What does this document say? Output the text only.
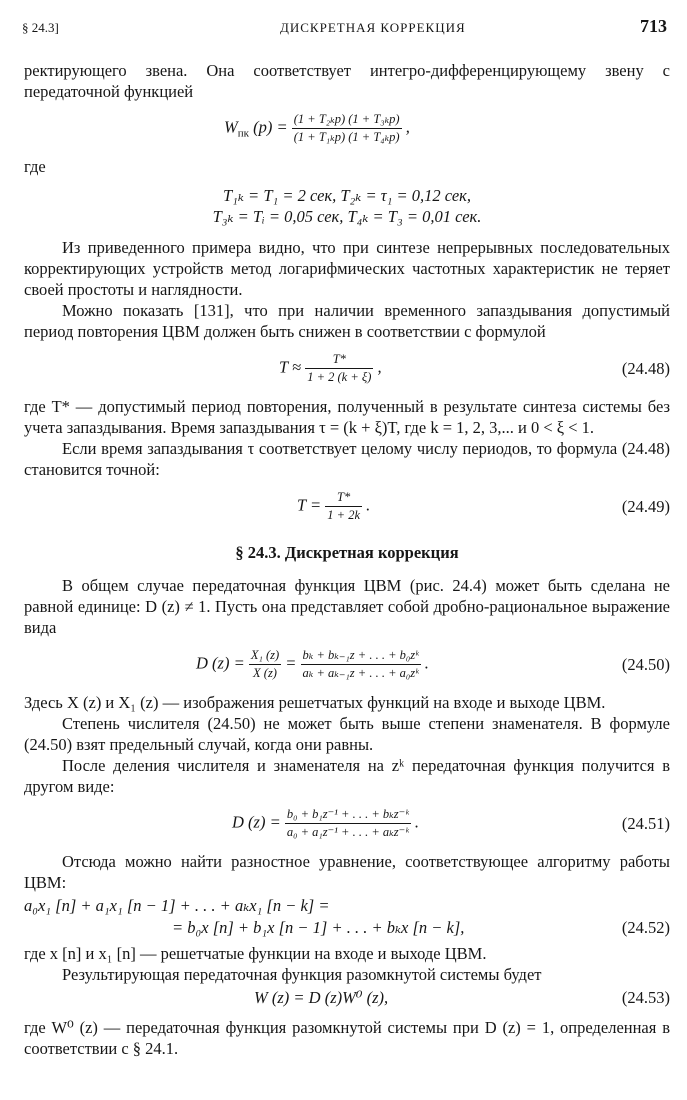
§ 24.3]	ДИСКРЕТНАЯ КОРРЕКЦИЯ	713

ректирующего звена. Она соответствует интегро-дифференцирующему звену с передаточной функцией

$W_{пк}$ $(p) = \frac{\text{(1 + T₂ₖp) (1 + T₃ₖp)}}{\text{(1 + T₁ₖp) (1 + T₄ₖp)}}$ ,

где

T₁ₖ = T₁ = 2 сек, T₂ₖ = τ₁ = 0,12 сек,

T₃ₖ = Tᵢ = 0,05 сек, T₄ₖ = T₃ = 0,01 сек.

Из приведенного примера видно, что при синтезе непрерывных последовательных корректирующих устройств метод логарифмических частотных характеристик не теряет своей простоты и наглядности.

Можно показать [131], что при наличии временного запаздывания допустимый период повторения ЦВМ должен быть снижен в соответствии с формулой

$T \approx \frac{T*}{1 + 2 (k + \xi)}$ ,	(24.48)

где T* — допустимый период повторения, полученный в результате синтеза системы без учета запаздывания. Время запаздывания τ = (k + ξ)T, где k = 1, 2, 3,... и 0 < ξ < 1.

Если время запаздывания τ соответствует целому числу периодов, то формула (24.48) становится точной:

$T = \frac{T*}{1 + 2k}$ .	(24.49)

§ 24.3. Дискретная коррекция

В общем случае передаточная функция ЦВМ (рис. 24.4) может быть сделана не равной единице: D (z) ≠ 1. Пусть она представляет собой дробно-рациональное выражение вида

D $(z) = \frac{\text{X₁ (z)}}{X (z)} = \frac{\text{bₖ + bₖ₋₁z + . . . + b₀zᵏ}}{\text{aₖ + aₖ₋₁z + . . . + a₀zᵏ}}$ .	(24.50)

Здесь X (z) и X₁ (z) — изображения решетчатых функций на входе и выходе ЦВМ.

Степень числителя (24.50) не может быть выше степени знаменателя. В формуле (24.50) взят предельный случай, когда они равны.

После деления числителя и знаменателя на zᵏ передаточная функция получится в другом виде:

D $(z) = \frac{\text{b₀ + b₁z⁻¹ + . . . + bₖz⁻ᵏ}}{\text{a₀ + a₁z⁻¹ + . . . + aₖz⁻ᵏ}}$ .	(24.51)

Отсюда можно найти разностное уравнение, соответствующее алгоритму работы ЦВМ:

a₀x₁ [n] + a₁x₁ [n − 1] + . . . + aₖx₁ [n − k] =
= b₀x [n] + b₁x [n − 1] + . . . + bₖx [n − k],	(24.52)

где x [n] и x₁ [n] — решетчатые функции на входе и выходе ЦВМ.

Результирующая передаточная функция разомкнутой системы будет

W (z) = D (z)W⁰ (z),	(24.53)

где W⁰ (z) — передаточная функция разомкнутой системы при D (z) = 1, определенная в соответствии с § 24.1.
